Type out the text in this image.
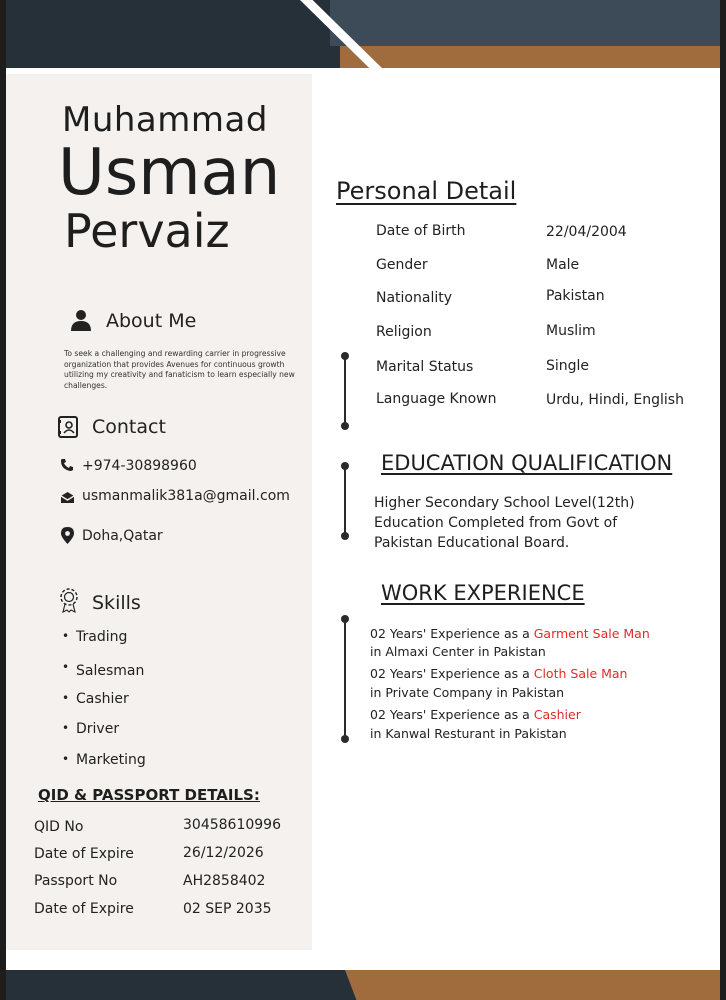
Muhammad
Usman
Pervaiz
About Me
To seek a challenging and rewarding carrier in progressive organization that provides Avenues for continuous growth utilizing my creativity and fanaticism to learn especially new challenges.
Contact
+974-30898960
usmanmalik381a@gmail.com
Doha,Qatar
Skills
• Trading
• Salesman
• Cashier
• Driver
• Marketing
QID & PASSPORT DETAILS:
QID No	30458610996
Date of Expire	26/12/2026
Passport No	AH2858402
Date of Expire	02 SEP 2035
Personal Detail
Date of Birth	22/04/2004
Gender	Male
Nationality	Pakistan
Religion	Muslim
Marital Status	Single
Language Known	Urdu, Hindi, English
EDUCATION QUALIFICATION
Higher Secondary School Level(12th) Education Completed from Govt of Pakistan Educational Board.
WORK EXPERIENCE
02 Years' Experience as a Garment Sale Man
in Almaxi Center in Pakistan
02 Years' Experience as a Cloth Sale Man
in Private Company in Pakistan
02 Years' Experience as a Cashier
in Kanwal Resturant in Pakistan
